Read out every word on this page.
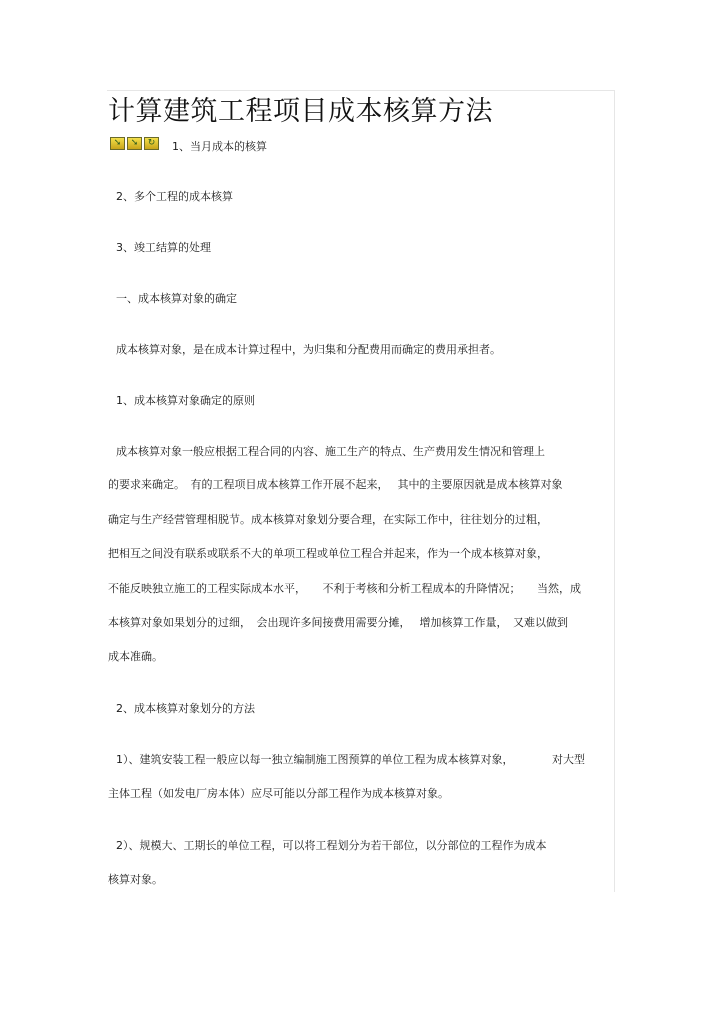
计算建筑工程项目成本核算方法
➘	➘	↻	1、当月成本的核算
2、多个工程的成本核算
3、竣工结算的处理
一、成本核算对象的确定
成本核算对象，是在成本计算过程中，为归集和分配费用而确定的费用承担者。
1、成本核算对象确定的原则
成本核算对象一般应根据工程合同的内容、施工生产的特点、生产费用发生情况和管理上
的要求来确定。　有的工程项目成本核算工作开展不起来，　 其中的主要原因就是成本核算对象
确定与生产经营管理相脱节。成本核算对象划分要合理，在实际工作中，往往划分的过粗，
把相互之间没有联系或联系不大的单项工程或单位工程合并起来，作为一个成本核算对象，
不能反映独立施工的工程实际成本水平，　　不利于考核和分析工程成本的升降情况；　　当然，成
本核算对象如果划分的过细，　会出现许多间接费用需要分摊，　 增加核算工作量，　又难以做到
成本准确。
2、成本核算对象划分的方法
1）、建筑安装工程一般应以每一独立编制施工图预算的单位工程为成本核算对象，　　　　对大型
主体工程（如发电厂房本体）应尽可能以分部工程作为成本核算对象。
2）、规模大、工期长的单位工程，可以将工程划分为若干部位，以分部位的工程作为成本
核算对象。
